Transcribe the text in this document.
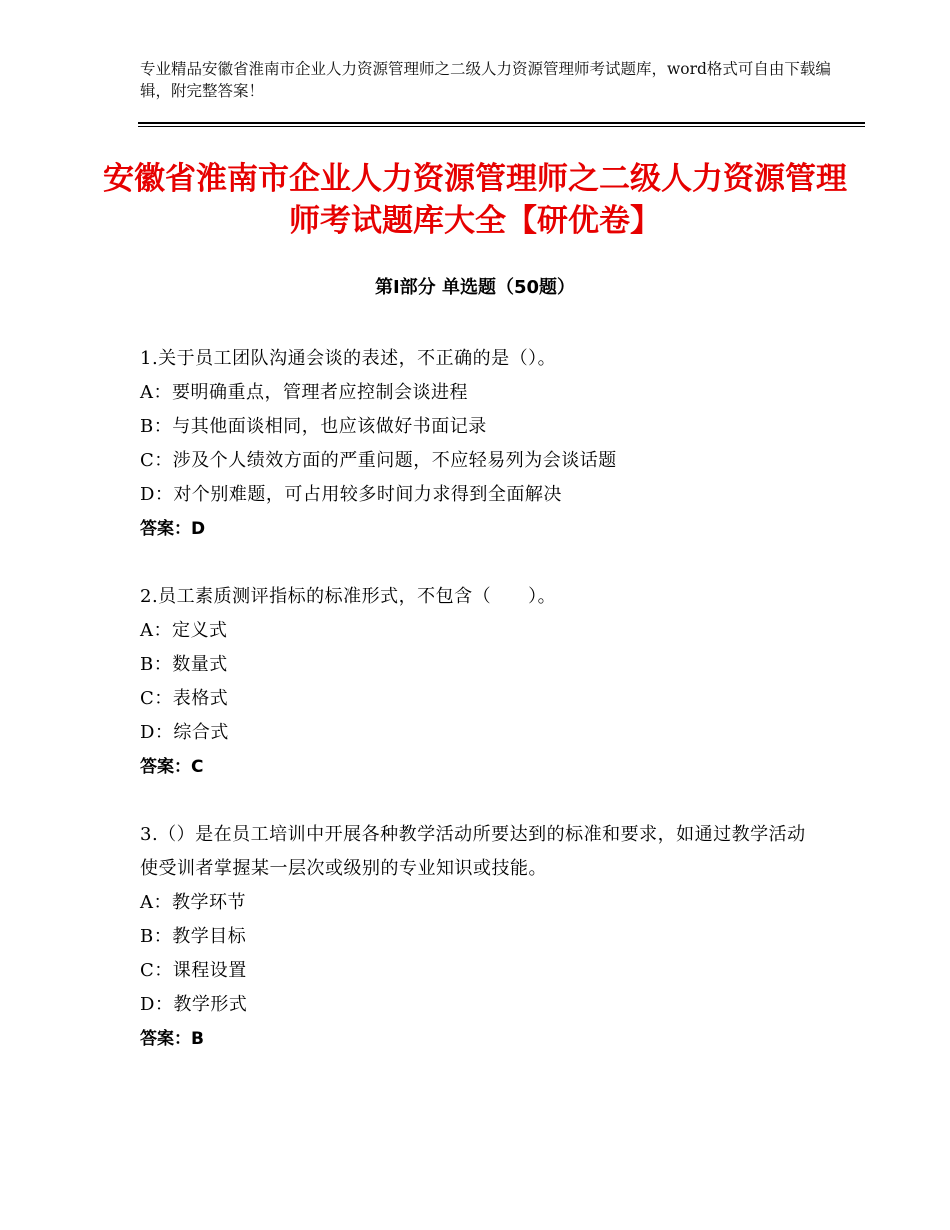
专业精品安徽省淮南市企业人力资源管理师之二级人力资源管理师考试题库，word格式可自由下载编辑，附完整答案！
安徽省淮南市企业人力资源管理师之二级人力资源管理师考试题库大全【研优卷】
第Ⅰ部分 单选题（50题）
1.关于员工团队沟通会谈的表述，不正确的是（）。
A：要明确重点，管理者应控制会谈进程
B：与其他面谈相同，也应该做好书面记录
C：涉及个人绩效方面的严重问题，不应轻易列为会谈话题
D：对个别难题，可占用较多时间力求得到全面解决
答案：D
2.员工素质测评指标的标准形式，不包含（　　）。
A：定义式
B：数量式
C：表格式
D：综合式
答案：C
3.（）是在员工培训中开展各种教学活动所要达到的标准和要求，如通过教学活动使受训者掌握某一层次或级别的专业知识或技能。
A：教学环节
B：教学目标
C：课程设置
D：教学形式
答案：B
